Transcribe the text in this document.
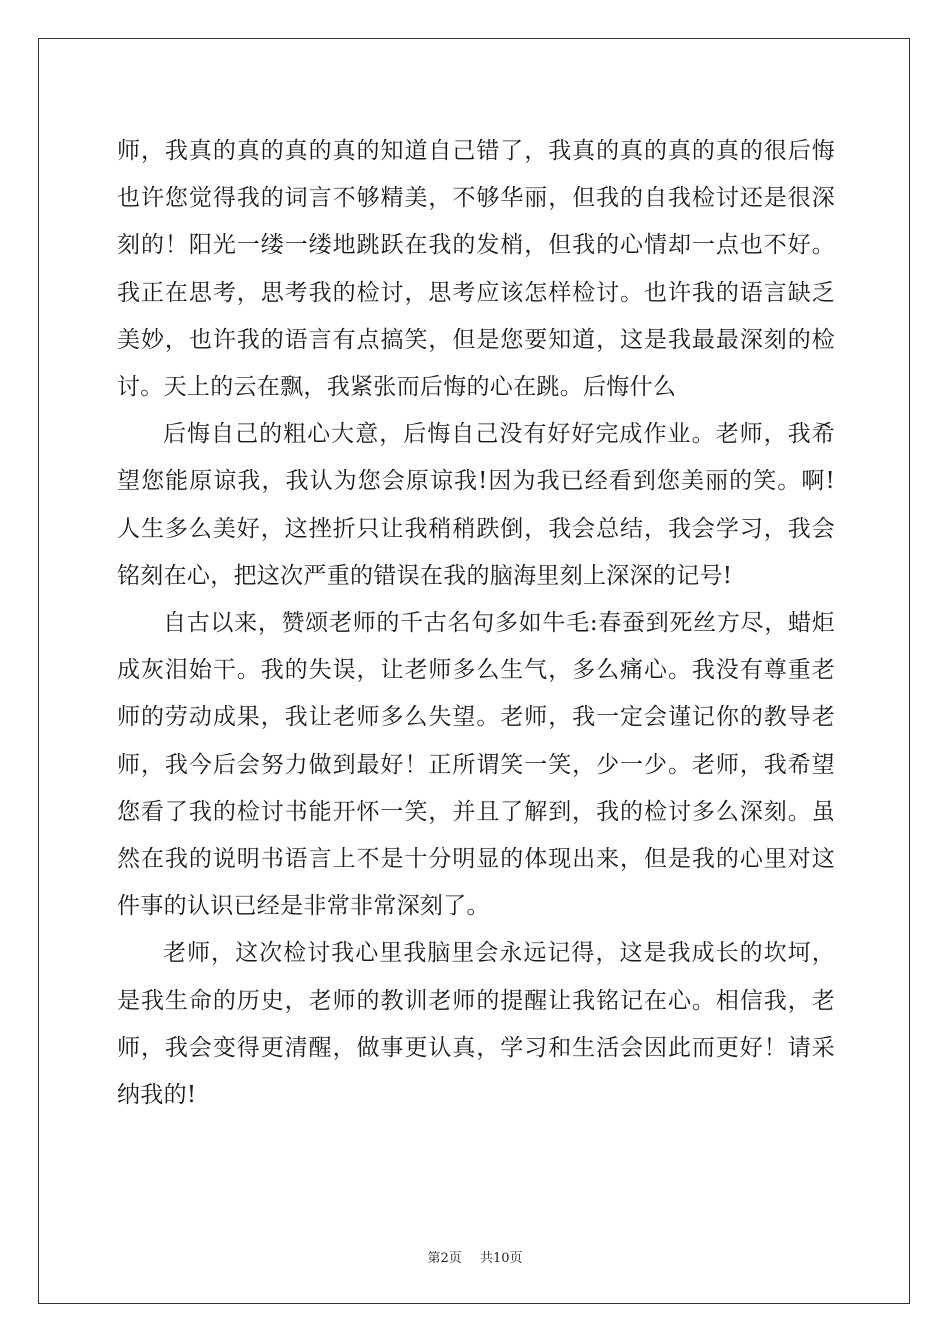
师，我真的真的真的真的知道自己错了，我真的真的真的真的很后悔也许您觉得我的词言不够精美，不够华丽，但我的自我检讨还是很深刻的！阳光一缕一缕地跳跃在我的发梢，但我的心情却一点也不好。我正在思考，思考我的检讨，思考应该怎样检讨。也许我的语言缺乏美妙，也许我的语言有点搞笑，但是您要知道，这是我最最深刻的检讨。天上的云在飘，我紧张而后悔的心在跳。后悔什么

后悔自己的粗心大意，后悔自己没有好好完成作业。老师，我希望您能原谅我，我认为您会原谅我!因为我已经看到您美丽的笑。啊!人生多么美好，这挫折只让我稍稍跌倒，我会总结，我会学习，我会铭刻在心，把这次严重的错误在我的脑海里刻上深深的记号!

自古以来，赞颂老师的千古名句多如牛毛:春蚕到死丝方尽，蜡炬成灰泪始干。我的失误，让老师多么生气，多么痛心。我没有尊重老师的劳动成果，我让老师多么失望。老师，我一定会谨记你的教导老师，我今后会努力做到最好！正所谓笑一笑，少一少。老师，我希望您看了我的检讨书能开怀一笑，并且了解到，我的检讨多么深刻。虽然在我的说明书语言上不是十分明显的体现出来，但是我的心里对这件事的认识已经是非常非常深刻了。

老师，这次检讨我心里我脑里会永远记得，这是我成长的坎坷，是我生命的历史，老师的教训老师的提醒让我铭记在心。相信我，老师，我会变得更清醒，做事更认真，学习和生活会因此而更好！请采纳我的!

第2页 共10页
